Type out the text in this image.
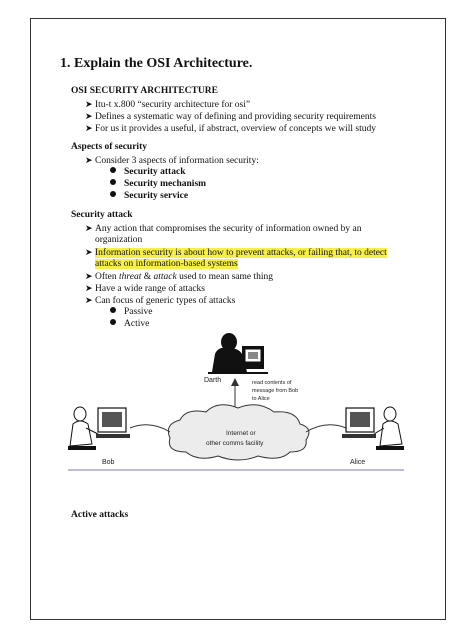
1. Explain the OSI Architecture.
OSI SECURITY ARCHITECTURE
➤ Itu-t x.800 “security architecture for osi”
➤ Defines a systematic way of defining and providing security requirements
➤ For us it provides a useful, if abstract, overview of concepts we will study
Aspects of security
➤ Consider 3 aspects of information security:
Security attack
Security mechanism
Security service
Security attack
➤ Any action that compromises the security of information owned by an
organization
➤ Information security is about how to prevent attacks, or failing that, to detect
attacks on information-based systems
➤ Often threat & attack used to mean same thing
➤ Have a wide range of attacks
➤ Can focus of generic types of attacks
Passive
Active
Darth	read contents of
message from Bob
to Alice
Internet or
other comms facility
Bob	Alice
Active attacks
